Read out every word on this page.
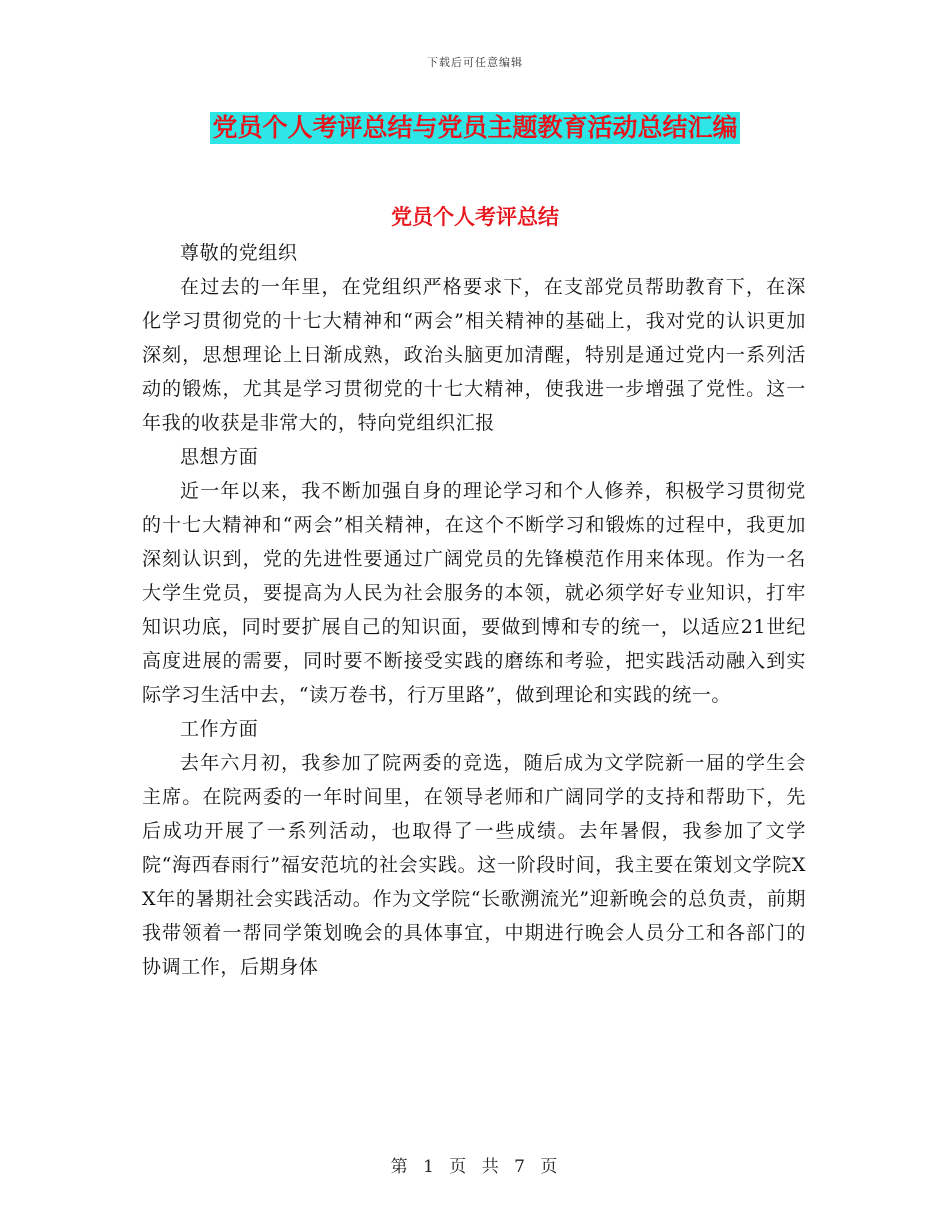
下载后可任意编辑
党员个人考评总结与党员主题教育活动总结汇编
党员个人考评总结

尊敬的党组织

在过去的一年里，在党组织严格要求下，在支部党员帮助教育下，在深化学习贯彻党的十七大精神和“两会”相关精神的基础上，我对党的认识更加深刻，思想理论上日渐成熟，政治头脑更加清醒，特别是通过党内一系列活动的锻炼，尤其是学习贯彻党的十七大精神，使我进一步增强了党性。这一年我的收获是非常大的，特向党组织汇报

思想方面

近一年以来，我不断加强自身的理论学习和个人修养，积极学习贯彻党的十七大精神和“两会”相关精神，在这个不断学习和锻炼的过程中，我更加深刻认识到，党的先进性要通过广阔党员的先锋模范作用来体现。作为一名大学生党员，要提高为人民为社会服务的本领，就必须学好专业知识，打牢知识功底，同时要扩展自己的知识面，要做到博和专的统一，以适应21世纪高度进展的需要，同时要不断接受实践的磨练和考验，把实践活动融入到实际学习生活中去，“读万卷书，行万里路”，做到理论和实践的统一。

工作方面

去年六月初，我参加了院两委的竞选，随后成为文学院新一届的学生会主席。在院两委的一年时间里，在领导老师和广阔同学的支持和帮助下，先后成功开展了一系列活动，也取得了一些成绩。去年暑假，我参加了文学院“海西春雨行”福安范坑的社会实践。这一阶段时间，我主要在策划文学院XX年的暑期社会实践活动。作为文学院“长歌溯流光”迎新晚会的总负责，前期我带领着一帮同学策划晚会的具体事宜，中期进行晚会人员分工和各部门的协调工作，后期身体

第 1 页 共 7 页
